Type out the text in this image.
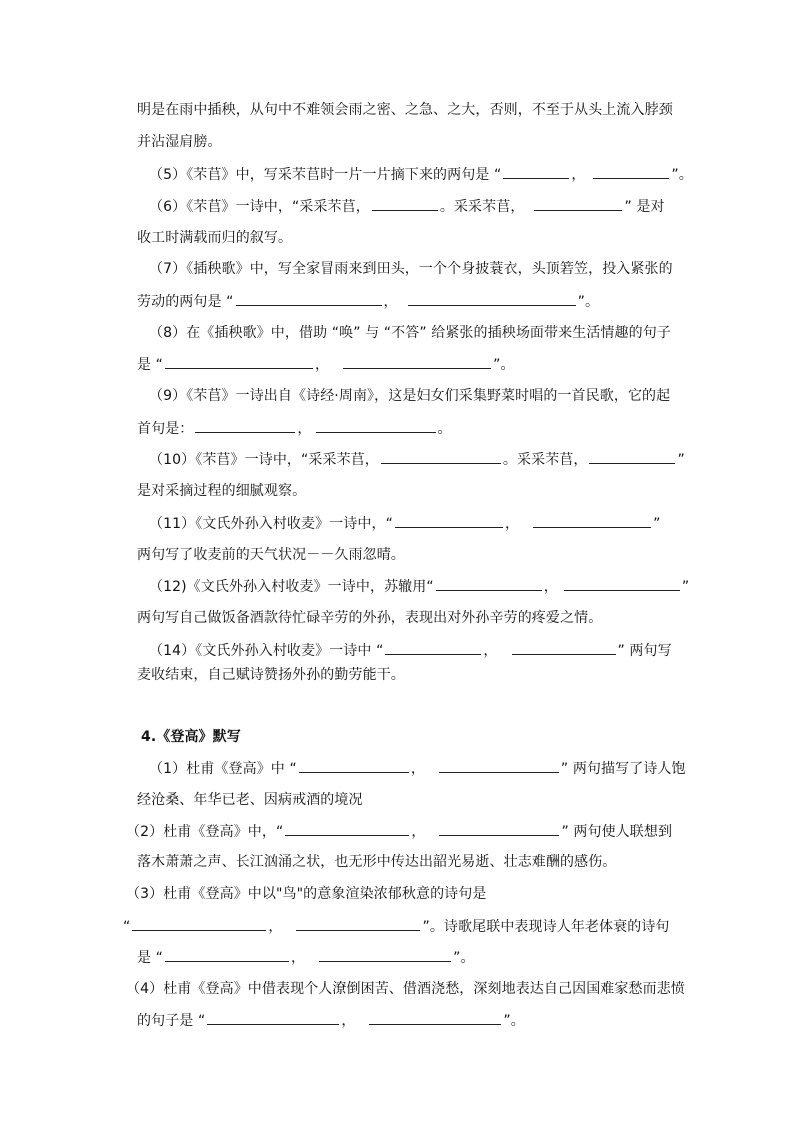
明是在雨中插秧，从句中不难领会雨之密、之急、之大，否则，不至于从头上流入脖颈
并沾湿肩膀。
（5）《芣苢》中，写采芣苢时一片一片摘下来的两句是 “	，	”。
（6）《芣苢》一诗中，“采采芣苢，	。采采芣苢，	” 是对
收工时满载而归的叙写。
（7）《插秧歌》中，写全家冒雨来到田头，一个个身披蓑衣，头顶箬笠，投入紧张的
劳动的两句是 “	，	”。
（8）在《插秧歌》中，借助 “唤” 与 “不答” 给紧张的插秧场面带来生活情趣的句子
是 “	，	”。
（9）《芣苢》一诗出自《诗经·周南》，这是妇女们采集野菜时唱的一首民歌，它的起
首句是：	，	。
（10）《芣苢》一诗中，“采采芣苢，	。采采芣苢，	”
是对采摘过程的细腻观察。
（11）《文氏外孙入村收麦》一诗中，“	，	”
两句写了收麦前的天气状况－－久雨忽晴。
（12)《文氏外孙入村收麦》一诗中，苏辙用“	，	”
两句写自己做饭备酒款待忙碌辛劳的外孙，表现出对外孙辛劳的疼爱之情。
（14）《文氏外孙入村收麦》一诗中 “	，	” 两句写
麦收结束，自己赋诗赞扬外孙的勤劳能干。
4.《登高》默写
（1）杜甫《登高》中 “	，	” 两句描写了诗人饱
经沧桑、年华已老、因病戒酒的境况
（2）杜甫《登高》中，“	，	” 两句使人联想到
落木萧萧之声、长江汹涌之状，也无形中传达出韶光易逝、壮志难酬的感伤。
（3）杜甫《登高》中以"鸟"的意象渲染浓郁秋意的诗句是
“	，	”。诗歌尾联中表现诗人年老体衰的诗句
是 “	，	”。
（4）杜甫《登高》中借表现个人潦倒困苦、借酒浇愁，深刻地表达自己因国难家愁而悲愤
的句子是 “	，	”。
